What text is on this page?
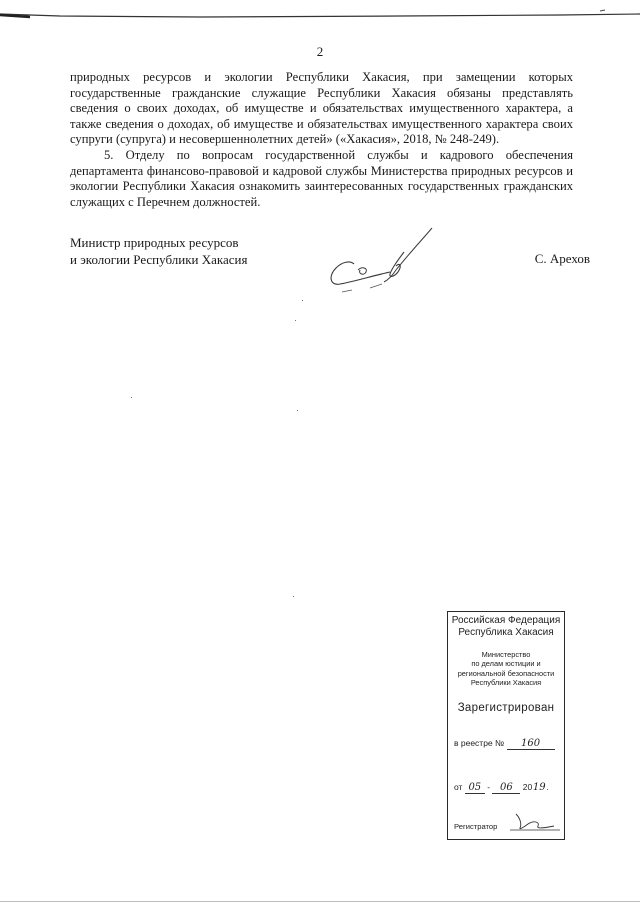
2

природных ресурсов и экологии Республики Хакасия, при замещении которых государственные гражданские служащие Республики Хакасия обязаны представлять сведения о своих доходах, об имуществе и обязательствах имущественного характера, а также сведения о доходах, об имуществе и обязательствах имущественного характера своих супруги (супруга) и несовершеннолетних детей» («Хакасия», 2018, № 248-249).

5. Отделу по вопросам государственной службы и кадрового обеспечения департамента финансово-правовой и кадровой службы Министерства природных ресурсов и экологии Республики Хакасия ознакомить заинтересованных государственных гражданских служащих с Перечнем должностей.

Министр природных ресурсов
и экологии Республики Хакасия	С. Арехов
Российская Федерация
Республика Хакасия
Министерство
по делам юстиции и
региональной безопасности
Республики Хакасия
Зарегистрирован
в реестре № 160
от 05 - 06 2019.
Регистратор
